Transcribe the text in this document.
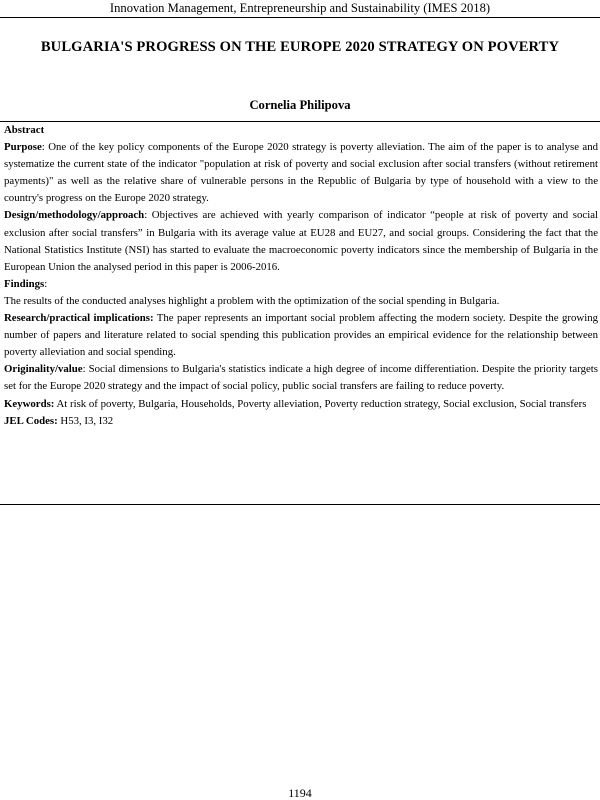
Innovation Management, Entrepreneurship and Sustainability (IMES 2018)
BULGARIA'S PROGRESS ON THE EUROPE 2020 STRATEGY ON POVERTY
Cornelia Philipova

Abstract

Purpose: One of the key policy components of the Europe 2020 strategy is poverty alleviation. The aim of the paper is to analyse and systematize the current state of the indicator "population at risk of poverty and social exclusion after social transfers (without retirement payments)" as well as the relative share of vulnerable persons in the Republic of Bulgaria by type of household with a view to the country's progress on the Europe 2020 strategy.

Design/methodology/approach: Objectives are achieved with yearly comparison of indicator “people at risk of poverty and social exclusion after social transfers” in Bulgaria with its average value at EU28 and EU27, and social groups. Considering the fact that the National Statistics Institute (NSI) has started to evaluate the macroeconomic poverty indicators since the membership of Bulgaria in the European Union the analysed period in this paper is 2006-2016.

Findings:

The results of the conducted analyses highlight a problem with the optimization of the social spending in Bulgaria.

Research/practical implications: The paper represents an important social problem affecting the modern society. Despite the growing number of papers and literature related to social spending this publication provides an empirical evidence for the relationship between poverty alleviation and social spending.

Originality/value: Social dimensions to Bulgaria's statistics indicate a high degree of income differentiation. Despite the priority targets set for the Europe 2020 strategy and the impact of social policy, public social transfers are failing to reduce poverty.

Keywords: At risk of poverty, Bulgaria, Households, Poverty alleviation, Poverty reduction strategy, Social exclusion, Social transfers

JEL Codes: H53, I3, I32

1194
